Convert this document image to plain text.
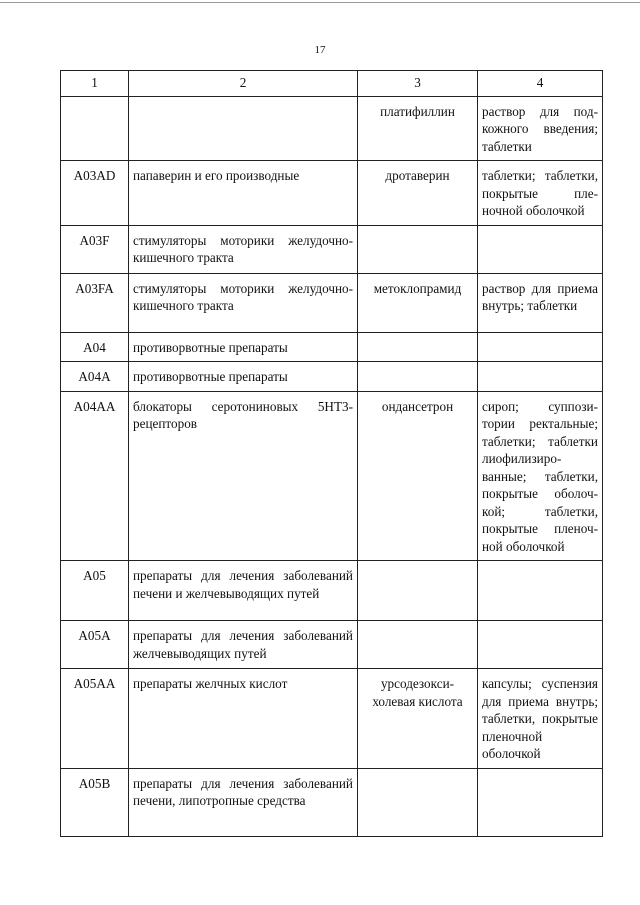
17
1	2	3	4
		платифиллин	раствор для подкожного введения; таблетки
A03AD	папаверин и его производные	дротаверин	таблетки; таблетки, покрытые пленочной оболочкой
A03F	стимуляторы моторики желудочно-кишечного тракта		
A03FA	стимуляторы моторики желудочно-кишечного тракта	метоклопрамид	раствор для приема внутрь; таблетки
A04	противорвотные препараты		
A04A	противорвотные препараты		
A04AA	блокаторы серотониновых 5HT3-рецепторов	ондансетрон	сироп; суппозитории ректальные; таблетки; таблетки лиофилизированные; таблетки, покрытые оболочкой; таблетки, покрытые пленочной оболочкой
A05	препараты для лечения заболеваний печени и желчевыводящих путей		
A05A	препараты для лечения заболеваний желчевыводящих путей		
A05AA	препараты желчных кислот	урсодезоксихолевая кислота	капсулы; суспензия для приема внутрь; таблетки, покрытые пленочной оболочкой
A05B	препараты для лечения заболеваний печени, липотропные средства		
